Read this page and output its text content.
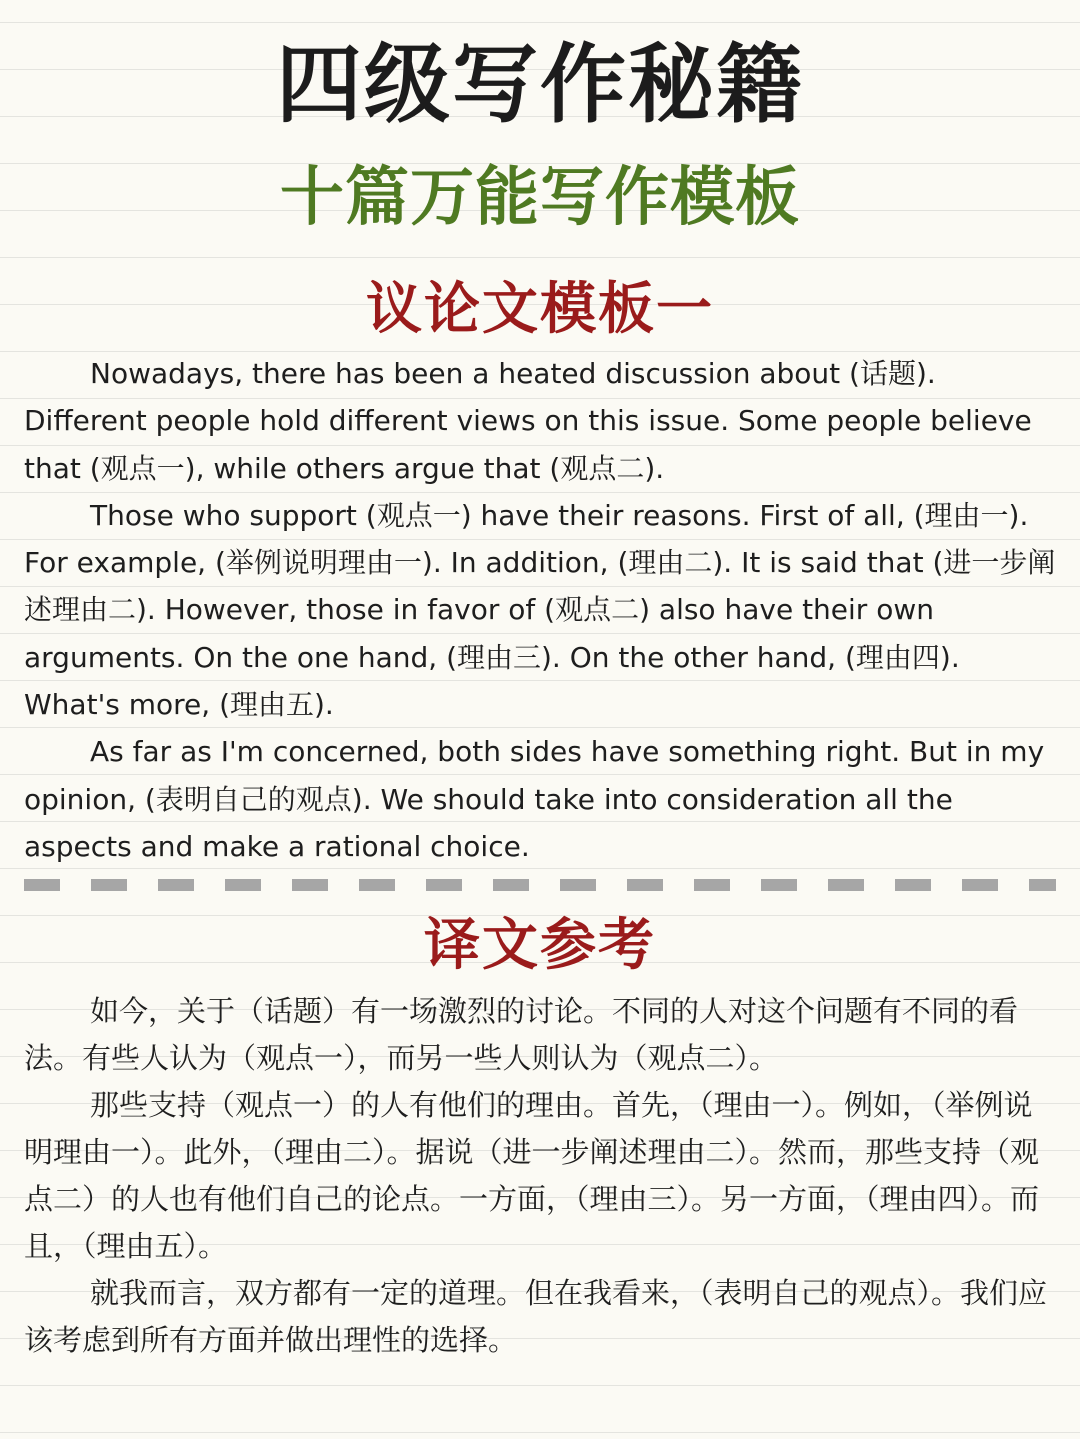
四级写作秘籍
十篇万能写作模板
议论文模板一

Nowadays, there has been a heated discussion about (话题). Different people hold different views on this issue. Some people believe that (观点一), while others argue that (观点二).

Those who support (观点一) have their reasons. First of all, (理由一). For example, (举例说明理由一). In addition, (理由二). It is said that (进一步阐述理由二). However, those in favor of (观点二) also have their own arguments. On the one hand, (理由三). On the other hand, (理由四). What's more, (理由五).

As far as I'm concerned, both sides have something right. But in my opinion, (表明自己的观点). We should take into consideration all the aspects and make a rational choice.

译文参考

如今，关于（话题）有一场激烈的讨论。不同的人对这个问题有不同的看法。有些人认为（观点一），而另一些人则认为（观点二）。

那些支持（观点一）的人有他们的理由。首先，（理由一）。例如，（举例说明理由一）。此外，（理由二）。据说（进一步阐述理由二）。然而，那些支持（观点二）的人也有他们自己的论点。一方面，（理由三）。另一方面，（理由四）。而且，（理由五）。

就我而言，双方都有一定的道理。但在我看来，（表明自己的观点）。我们应该考虑到所有方面并做出理性的选择。
